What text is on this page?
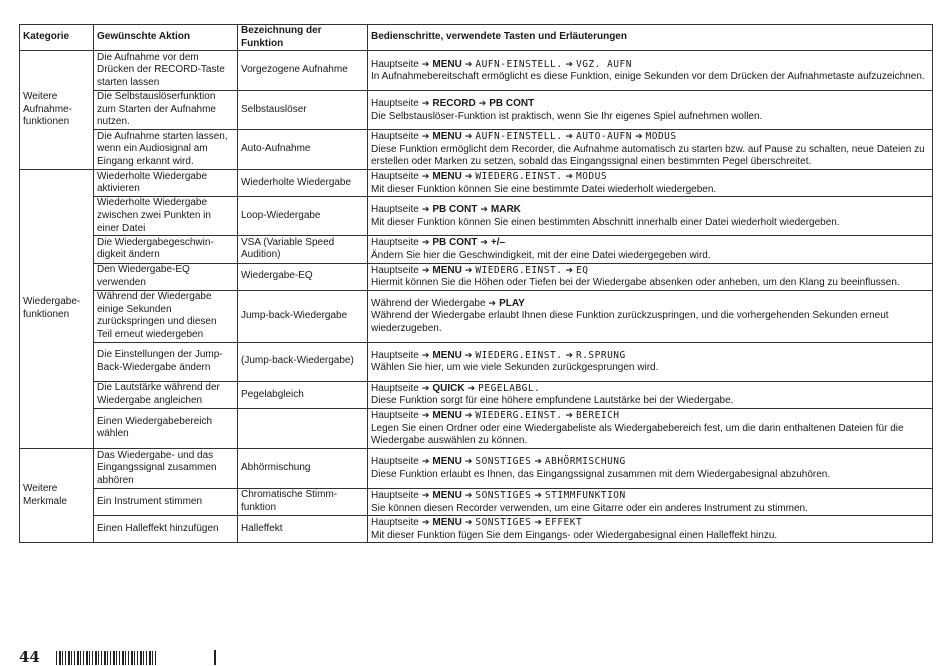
Kategorie	Gewünschte Aktion	Bezeichnung der Funktion	Bedienschritte, verwendete Tasten und Erläuterungen
Weitere Aufnahme-funktionen	Die Aufnahme vor dem Drücken der RECORD-Taste starten lassen	Vorgezogene Aufnahme	Hauptseite ➔ MENU ➔ AUFN-EINSTELL. ➔ VGZ. AUFN
In Aufnahmebereitschaft ermöglicht es diese Funktion, einige Sekunden vor dem Drücken der Aufnahmetaste aufzuzeichnen.

	Die Selbstauslöserfunktion zum Starten der Aufnahme nutzen.	Selbstauslöser	Hauptseite ➔ RECORD ➔ PB CONT
Die Selbstauslöser-Funktion ist praktisch, wenn Sie Ihr eigenes Spiel aufnehmen wollen.

	Die Aufnahme starten lassen, wenn ein Audiosignal am Eingang erkannt wird.	Auto-Aufnahme	Hauptseite ➔ MENU ➔ AUFN-EINSTELL. ➔ AUTO-AUFN ➔ MODUS
Diese Funktion ermöglicht dem Recorder, die Aufnahme automatisch zu starten bzw. auf Pause zu schalten, neue Dateien zu erstellen oder Marken zu setzen, sobald das Eingangssignal einen bestimmten Pegel überschreitet.

Wiedergabe-funktionen	Wiederholte Wiedergabe aktivieren	Wiederholte Wiedergabe	Hauptseite ➔ MENU ➔ WIEDERG.EINST. ➔ MODUS
Mit dieser Funktion können Sie eine bestimmte Datei wiederholt wiedergeben.

	Wiederholte Wiedergabe zwischen zwei Punkten in einer Datei	Loop-Wiedergabe	Hauptseite ➔ PB CONT ➔ MARK
Mit dieser Funktion können Sie einen bestimmten Abschnitt innerhalb einer Datei wiederholt wiedergeben.

	Die Wiedergabegeschwin-digkeit ändern	VSA (Variable Speed Audition)	Hauptseite ➔ PB CONT ➔ +/–
Ändern Sie hier die Geschwindigkeit, mit der eine Datei wiedergegeben wird.

	Den Wiedergabe-EQ verwenden	Wiedergabe-EQ	Hauptseite ➔ MENU ➔ WIEDERG.EINST. ➔ EQ
Hiermit können Sie die Höhen oder Tiefen bei der Wiedergabe absenken oder anheben, um den Klang zu beeinflussen.

	Während der Wiedergabe einige Sekunden zurückspringen und diesen Teil erneut wiedergeben	Jump-back-Wiedergabe	Während der Wiedergabe ➔ PLAY
Während der Wiedergabe erlaubt Ihnen diese Funktion zurückzuspringen, und die vorhergehenden Sekunden erneut wiederzugeben.

	Die Einstellungen der Jump-Back-Wiedergabe ändern	(Jump-back-Wiedergabe)	Hauptseite ➔ MENU ➔ WIEDERG.EINST. ➔ R.SPRUNG
Wählen Sie hier, um wie viele Sekunden zurückgesprungen wird.

	Die Lautstärke während der Wiedergabe angleichen	Pegelabgleich	Hauptseite ➔ QUICK ➔ PEGELABGL.
Diese Funktion sorgt für eine höhere empfundene Lautstärke bei der Wiedergabe.

	Einen Wiedergabebereich wählen		Hauptseite ➔ MENU ➔ WIEDERG.EINST. ➔ BEREICH
Legen Sie einen Ordner oder eine Wiedergabeliste als Wiedergabebereich fest, um die darin enthaltenen Dateien für die Wiedergabe auswählen zu können.

Weitere Merkmale	Das Wiedergabe- und das Eingangssignal zusammen abhören	Abhörmischung	Hauptseite ➔ MENU ➔ SONSTIGES ➔ ABHÖRMISCHUNG
Diese Funktion erlaubt es Ihnen, das Eingangssignal zusammen mit dem Wiedergabesignal abzuhören.

	Ein Instrument stimmen	Chromatische Stimm-funktion	Hauptseite ➔ MENU ➔ SONSTIGES ➔ STIMMFUNKTION
Sie können diesen Recorder verwenden, um eine Gitarre oder ein anderes Instrument zu stimmen.

	Einen Halleffekt hinzufügen	Halleffekt	Hauptseite ➔ MENU ➔ SONSTIGES ➔ EFFEKT
Mit dieser Funktion fügen Sie dem Eingangs- oder Wiedergabesignal einen Halleffekt hinzu.
44
